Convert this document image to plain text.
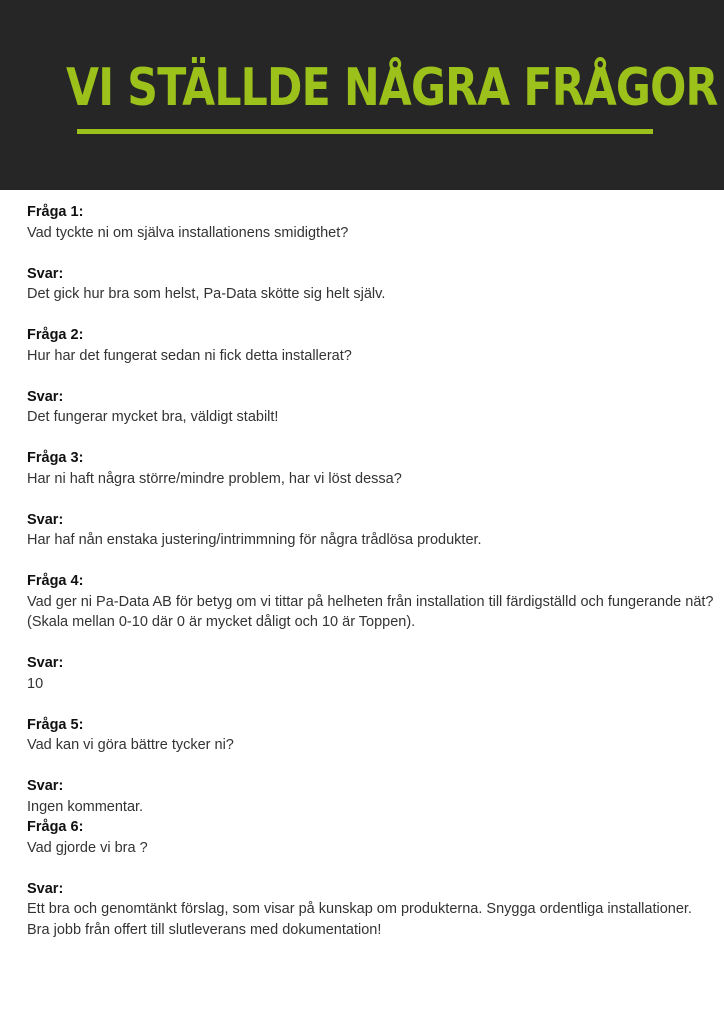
VI STÄLLDE NÅGRA FRÅGOR
Fråga 1:
Vad tyckte ni om själva installationens smidigthet?
Svar:
Det gick hur bra som helst, Pa-Data skötte sig helt själv.
Fråga 2:
Hur har det fungerat sedan ni fick detta installerat?
Svar:
Det fungerar mycket bra, väldigt stabilt!
Fråga 3:
Har ni haft några större/mindre problem, har vi löst dessa?
Svar:
Har haf nån enstaka justering/intrimmning för några trådlösa produkter.
Fråga 4:
Vad ger ni Pa-Data AB för betyg om vi tittar på helheten från installation till färdigställd och fungerande nät?
(Skala mellan 0-10 där 0 är mycket dåligt och 10 är Toppen).
Svar:
10
Fråga 5:
Vad kan vi göra bättre tycker ni?
Svar:
Ingen kommentar.
Fråga 6:
Vad gjorde vi bra ?
Svar:
Ett bra och genomtänkt förslag, som visar på kunskap om produkterna. Snygga ordentliga installationer. Bra jobb från offert till slutleverans med dokumentation!
